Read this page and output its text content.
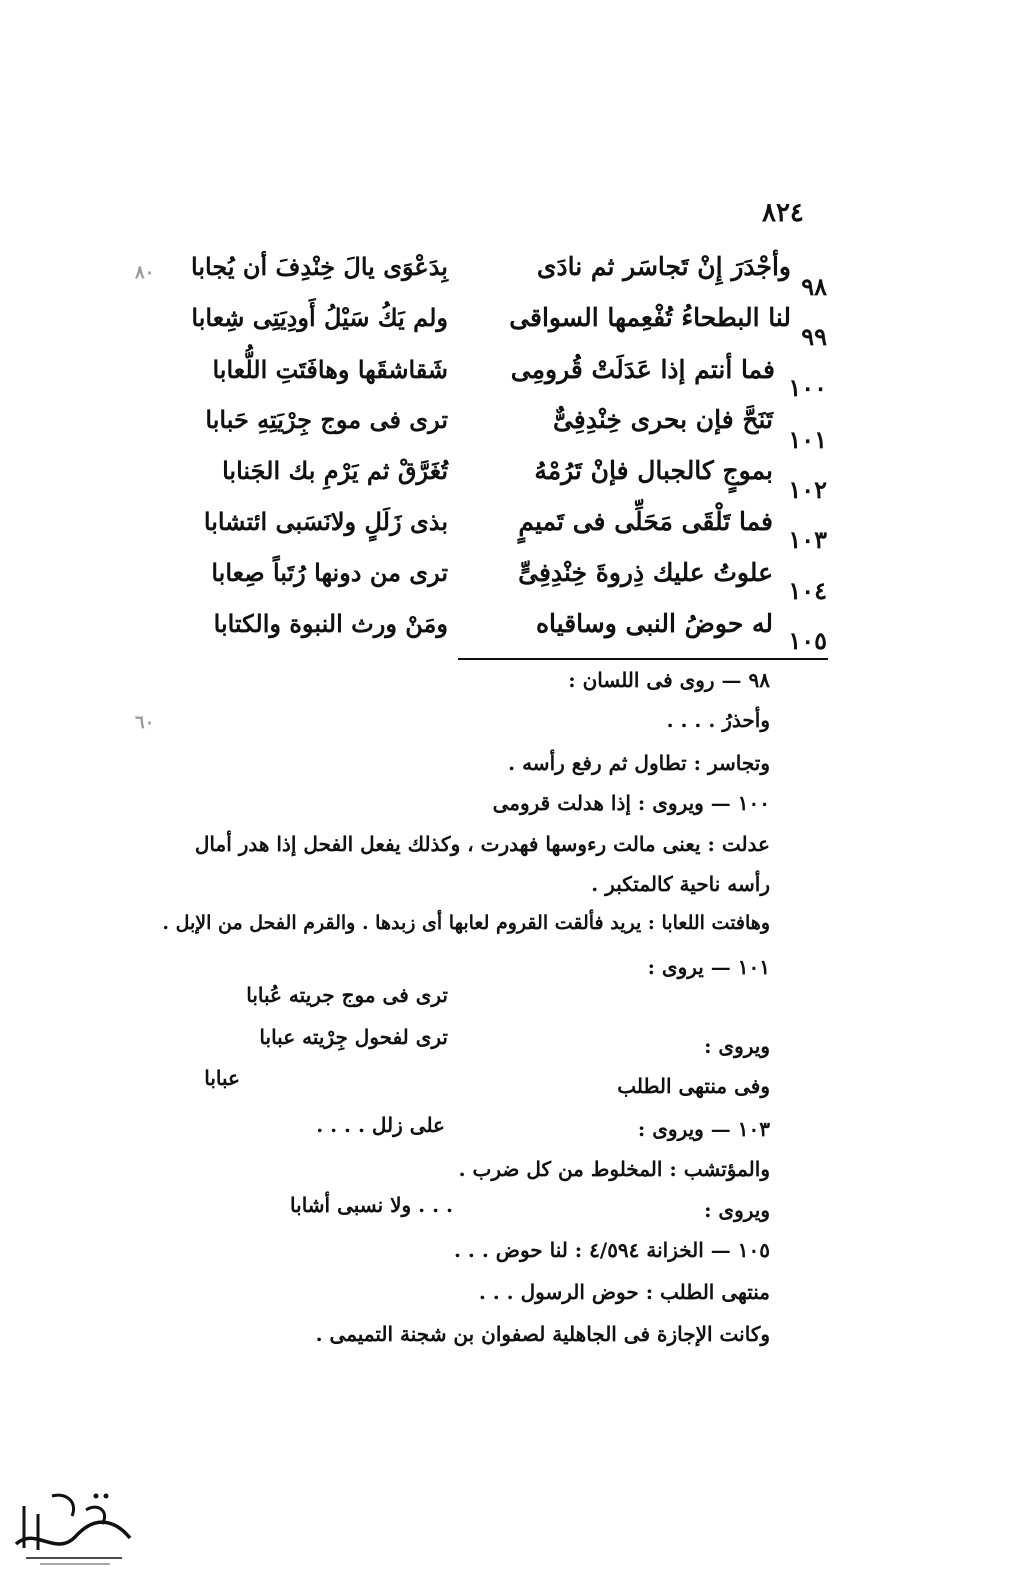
٨٢٤
٩٨
وأجْدَرَ إِنْ تَجاسَر ثم نادَى
بِدَعْوَى يالَ خِنْدِفَ أن يُجابا
٩٩
لنا البطحاءُ تُفْعِمها السواقى
ولم يَكُ سَيْلُ أَودِيَتِى شِعابا
١٠٠
فما أنتم إذا عَدَلَتْ قُرومِى
شَقاشقَها وهافَتَتِ اللُّعابا
١٠١
تَنَحَّ فإن بحرى خِنْدِفِىٌّ
ترى فى موج جِرْيَتِهِ حَبابا
١٠٢
بموجٍ كالجبال فإنْ تَرُمْهُ
تُغَرَّقْ ثم يَرْمِ بك الجَنابا
١٠٣
فما تَلْقَى مَحَلِّى فى تَميمٍ
بذى زَلَلٍ ولانَسَبى ائتشابا
١٠٤
علوتُ عليك ذِروةَ خِنْدِفِىٍّ
ترى من دونها رُتَباً صِعابا
١٠٥
له حوضُ النبى وساقياه
ومَنْ ورث النبوة والكتابا
٩٨ — روى فى اللسان :
وأحذرُ . . . .
وتجاسر : تطاول ثم رفع رأسه .
١٠٠ — ويروى : إذا هدلت قرومى
عدلت : يعنى مالت رءوسها فهدرت ، وكذلك يفعل الفحل إذا هدر أمال
رأسه ناحية كالمتكبر .
وهافتت اللعابا : يريد فألقت القروم لعابها أى زبدها . والقرم الفحل من الإبل .
١٠١ — يروى :
ترى فى موج جريته عُبابا
ويروى :
ترى لفحول جِرْيته عبابا
وفى منتهى الطلب
عبابا
١٠٣ — ويروى :
على زلل . . . .
والمؤتشب : المخلوط من كل ضرب .
ويروى :
. . . ولا نسبى أشابا
١٠٥ — الخزانة ٤/٥٩٤ : لنا حوض . . .
منتهى الطلب : حوض الرسول . . .
وكانت الإجازة فى الجاهلية لصفوان بن شجنة التميمى .
٨٠
٦٠
